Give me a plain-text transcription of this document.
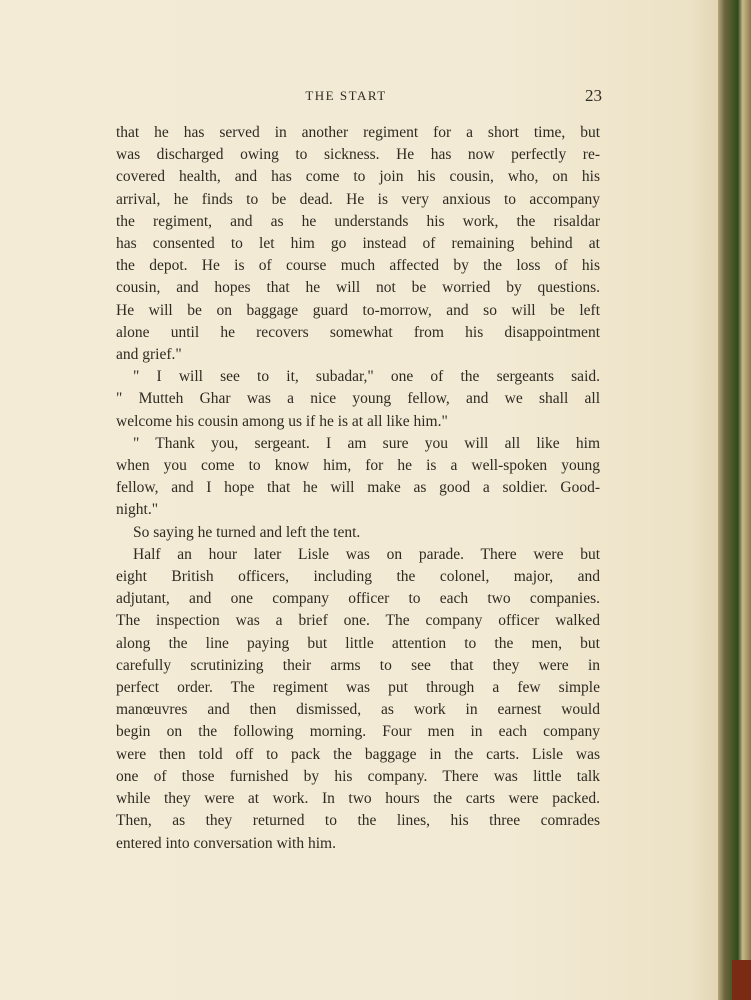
THE START	23

that he has served in another regiment for a short time, but
was discharged owing to sickness. He has now perfectly re-
covered health, and has come to join his cousin, who, on his
arrival, he finds to be dead. He is very anxious to accompany
the regiment, and as he understands his work, the risaldar
has consented to let him go instead of remaining behind at
the depot. He is of course much affected by the loss of his
cousin, and hopes that he will not be worried by questions.
He will be on baggage guard to-morrow, and so will be left
alone until he recovers somewhat from his disappointment
and grief."

" I will see to it, subadar," one of the sergeants said.
" Mutteh Ghar was a nice young fellow, and we shall all
welcome his cousin among us if he is at all like him."

" Thank you, sergeant. I am sure you will all like him
when you come to know him, for he is a well-spoken young
fellow, and I hope that he will make as good a soldier. Good-
night."

So saying he turned and left the tent.

Half an hour later Lisle was on parade. There were but
eight British officers, including the colonel, major, and
adjutant, and one company officer to each two companies.
The inspection was a brief one. The company officer walked
along the line paying but little attention to the men, but
carefully scrutinizing their arms to see that they were in
perfect order. The regiment was put through a few simple
manœuvres and then dismissed, as work in earnest would
begin on the following morning. Four men in each company
were then told off to pack the baggage in the carts. Lisle was
one of those furnished by his company. There was little talk
while they were at work. In two hours the carts were packed.
Then, as they returned to the lines, his three comrades
entered into conversation with him.
